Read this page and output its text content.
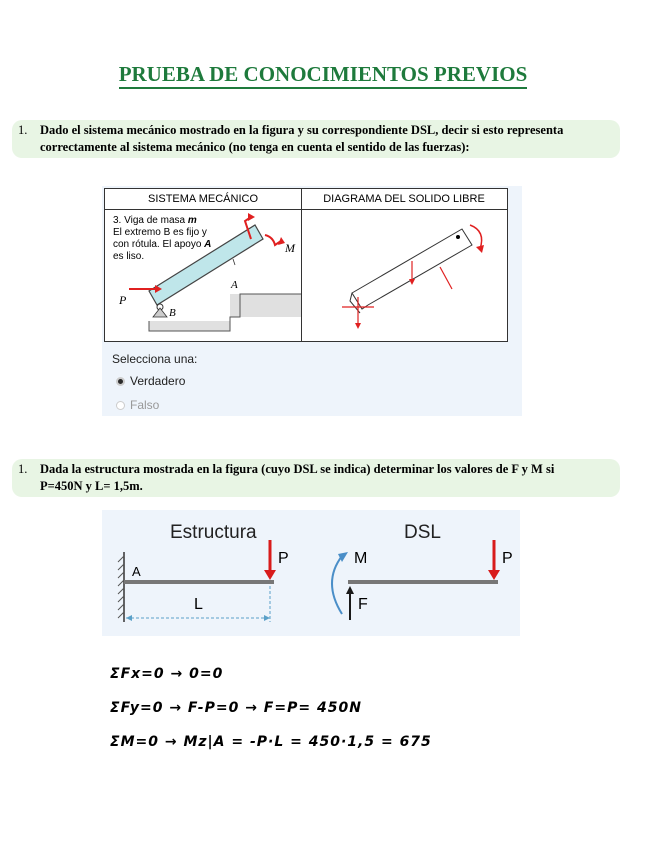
PRUEBA DE CONOCIMIENTOS PREVIOS
1. Dado el sistema mecánico mostrado en la figura y su correspondiente DSL, decir si esto representa
correctamente al sistema mecánico (no tenga en cuenta el sentido de las fuerzas):
SISTEMA MECÁNICO	DIAGRAMA DEL SOLIDO LIBRE
3. Viga de masa m
El extremo B es fijo y
con rótula. El apoyo A
es liso.
M
A
P
B
Selecciona una:
Verdadero
Falso
1. Dada la estructura mostrada en la figura (cuyo DSL se indica) determinar los valores de F y M si
P=450N y L= 1,5m.
Estructura	DSL
A
P
L
M
F
P
ΣFx=0 → 0=0
ΣFy=0 → F-P=0 → F=P= 450N
ΣM=0 → Mz|A = -P·L = 450·1,5 = 675
